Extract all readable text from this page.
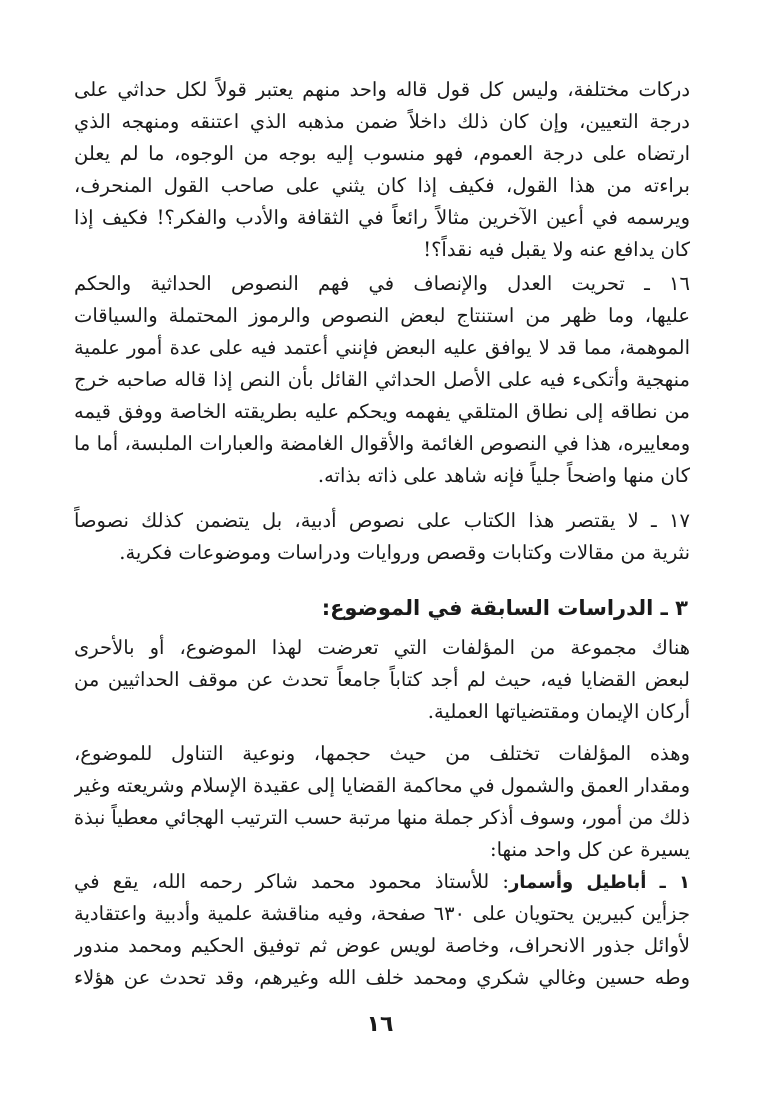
دركات مختلفة، وليس كل قول قاله واحد منهم يعتبر قولاً لكل حداثي على
درجة التعيين، وإن كان ذلك داخلاً ضمن مذهبه الذي اعتنقه ومنهجه الذي
ارتضاه على درجة العموم، فهو منسوب إليه بوجه من الوجوه، ما لم يعلن
براءته من هذا القول، فكيف إذا كان يثني على صاحب القول المنحرف،
ويرسمه في أعين الآخرين مثالاً رائعاً في الثقافة والأدب والفكر؟! فكيف إذا
كان يدافع عنه ولا يقبل فيه نقداً؟!
١٦ ـ تحريت العدل والإنصاف في فهم النصوص الحداثية والحكم
عليها، وما ظهر من استنتاج لبعض النصوص والرموز المحتملة والسياقات
الموهمة، مما قد لا يوافق عليه البعض فإنني أعتمد فيه على عدة أمور علمية
منهجية وأتكىء فيه على الأصل الحداثي القائل بأن النص إذا قاله صاحبه خرج
من نطاقه إلى نطاق المتلقي يفهمه ويحكم عليه بطريقته الخاصة ووفق قيمه
ومعاييره، هذا في النصوص الغائمة والأقوال الغامضة والعبارات الملبسة، أما ما
كان منها واضحاً جلياً فإنه شاهد على ذاته بذاته.
١٧ ـ لا يقتصر هذا الكتاب على نصوص أدبية، بل يتضمن كذلك نصوصاً
نثرية من مقالات وكتابات وقصص وروايات ودراسات وموضوعات فكرية.
٣ ـ الدراسات السابقة في الموضوع:
هناك مجموعة من المؤلفات التي تعرضت لهذا الموضوع، أو بالأحرى
لبعض القضايا فيه، حيث لم أجد كتاباً جامعاً تحدث عن موقف الحداثيين من
أركان الإيمان ومقتضياتها العملية.
وهذه المؤلفات تختلف من حيث حجمها، ونوعية التناول للموضوع،
ومقدار العمق والشمول في محاكمة القضايا إلى عقيدة الإسلام وشريعته وغير
ذلك من أمور، وسوف أذكر جملة منها مرتبة حسب الترتيب الهجائي معطياً نبذة
يسيرة عن كل واحد منها:
١ ـ أباطيل وأسمار: للأستاذ محمود محمد شاكر رحمه الله، يقع في
جزأين كبيرين يحتويان على ٦٣٠ صفحة، وفيه مناقشة علمية وأدبية واعتقادية
لأوائل جذور الانحراف، وخاصة لويس عوض ثم توفيق الحكيم ومحمد مندور
وطه حسين وغالي شكري ومحمد خلف الله وغيرهم، وقد تحدث عن هؤلاء
١٦
